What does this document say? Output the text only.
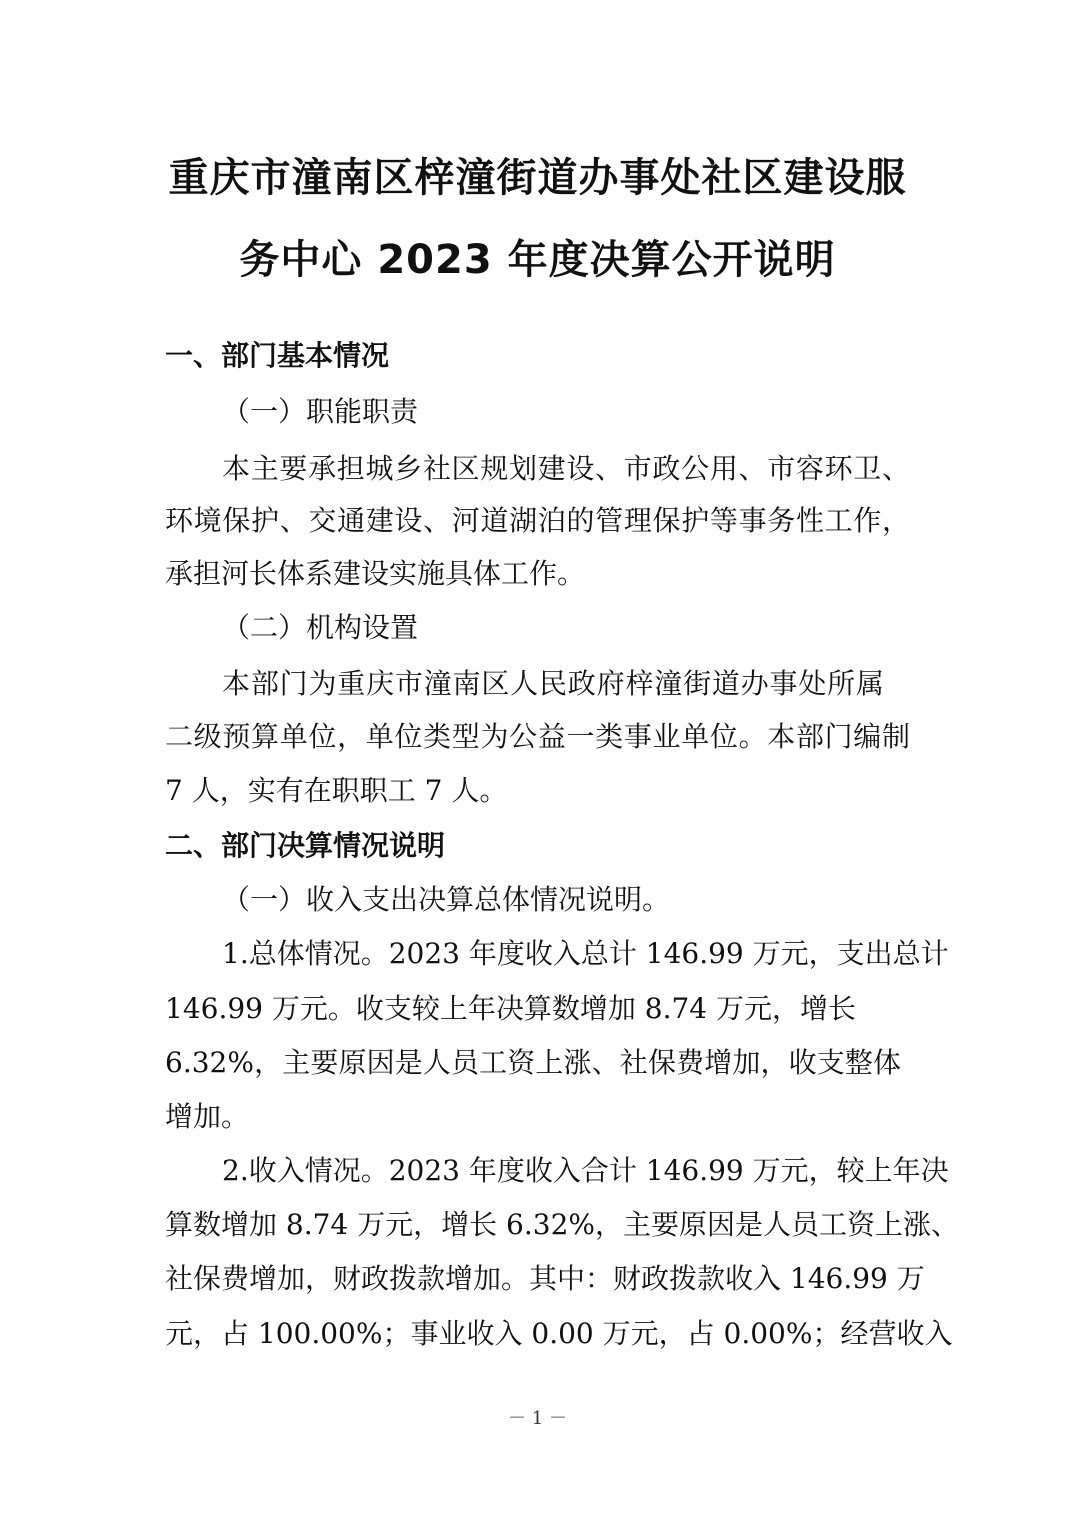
重庆市潼南区梓潼街道办事处社区建设服
务中心 2023 年度决算公开说明
一、部门基本情况
（一）职能职责
本主要承担城乡社区规划建设、市政公用、市容环卫、
环境保护、交通建设、河道湖泊的管理保护等事务性工作，
承担河长体系建设实施具体工作。
（二）机构设置
本部门为重庆市潼南区人民政府梓潼街道办事处所属
二级预算单位，单位类型为公益一类事业单位。本部门编制
7 人，实有在职职工 7 人。
二、部门决算情况说明
（一）收入支出决算总体情况说明。
1.总体情况。2023 年度收入总计 146.99 万元，支出总计
146.99 万元。收支较上年决算数增加 8.74 万元，增长
6.32%，主要原因是人员工资上涨、社保费增加，收支整体
增加。
2.收入情况。2023 年度收入合计 146.99 万元，较上年决
算数增加 8.74 万元，增长 6.32%，主要原因是人员工资上涨、
社保费增加，财政拨款增加。其中：财政拨款收入 146.99 万
元，占 100.00%；事业收入 0.00 万元，占 0.00%；经营收入
－ 1 －
